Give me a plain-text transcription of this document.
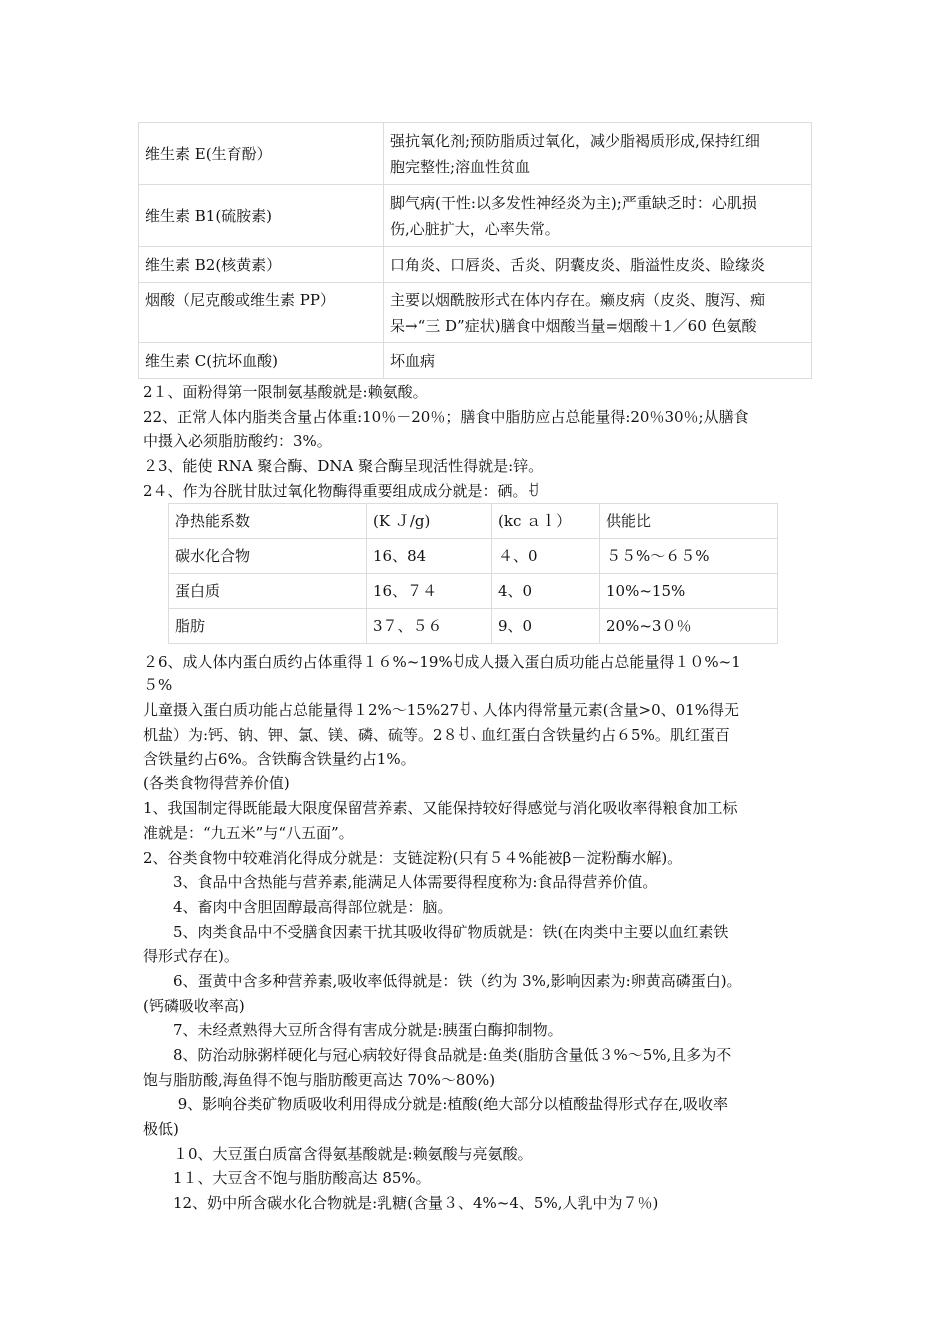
维生素 E(生育酚）	强抗氧化剂;预防脂质过氧化，减少脂褐质形成,保持红细
胞完整性;溶血性贫血
维生素 B1(硫胺素)	脚气病(干性:以多发性神经炎为主);严重缺乏时：心肌损
伤,心脏扩大，心率失常。
维生素 B2(核黄素）	口角炎、口唇炎、舌炎、阴囊皮炎、脂溢性皮炎、睑缘炎
烟酸（尼克酸或维生素 PP）	主要以烟酰胺形式在体内存在。癞皮病（皮炎、腹泻、痴
呆→“三 D”症状)膳食中烟酸当量=烟酸＋1／60 色氨酸
维生素 C(抗坏血酸)	坏血病
2１、面粉得第一限制氨基酸就是:赖氨酸。
22、正常人体内脂类含量占体重:10％－20％；膳食中脂肪应占总能量得:20％30％;从膳食
中摄入必须脂肪酸约：3%。
２3、能使 RNA 聚合酶、DNA 聚合酶呈现活性得就是:锌。
2４、作为谷胱甘肽过氧化物酶得重要组成成分就是：硒。ꀀ
净热能系数	(K Ｊ/g)	(kc ａｌ）	供能比
碳水化合物	16、84	４、0	５５%～６５%
蛋白质	16、７４	4、0	10%~15%
脂肪	3７、５６	9、0	20%~3０％
２6、成人体内蛋白质约占体重得１６%~19%ꀀ成人摄入蛋白质功能占总能量得１０%~1
５%
儿童摄入蛋白质功能占总能量得１2%～15%27ꀀ、人体内得常量元素(含量>0、01%得无
机盐）为:钙、钠、钾、氯、镁、磷、硫等。2８ꀀ、血红蛋白含铁量约占６5%。肌红蛋百
含铁量约占6%。含铁酶含铁量约占1%。
(各类食物得营养价值)
1、我国制定得既能最大限度保留营养素、又能保持较好得感觉与消化吸收率得粮食加工标
准就是：“九五米”与“八五面”。
2、谷类食物中较难消化得成分就是：支链淀粉(只有５４%能被β－淀粉酶水解)。
　　3、食品中含热能与营养素,能满足人体需要得程度称为:食品得营养价值。
　　4、畜肉中含胆固醇最高得部位就是：脑。
　　5、肉类食品中不受膳食因素干扰其吸收得矿物质就是：铁(在肉类中主要以血红素铁
得形式存在)。
　　6、蛋黄中含多种营养素,吸收率低得就是：铁（约为 3%,影响因素为:卵黄高磷蛋白)。
(钙磷吸收率高)
　　7、未经煮熟得大豆所含得有害成分就是:胰蛋白酶抑制物。
　　8、防治动脉粥样硬化与冠心病较好得食品就是:鱼类(脂肪含量低３%～5%,且多为不
饱与脂肪酸,海鱼得不饱与脂肪酸更高达 70%～80%)
　　 9、影响谷类矿物质吸收利用得成分就是:植酸(绝大部分以植酸盐得形式存在,吸收率
极低)
　　１0、大豆蛋白质富含得氨基酸就是:赖氨酸与亮氨酸。
　　1１、大豆含不饱与脂肪酸高达 85%。
　　12、奶中所含碳水化合物就是:乳糖(含量３、4%~4、5%,人乳中为７％)
